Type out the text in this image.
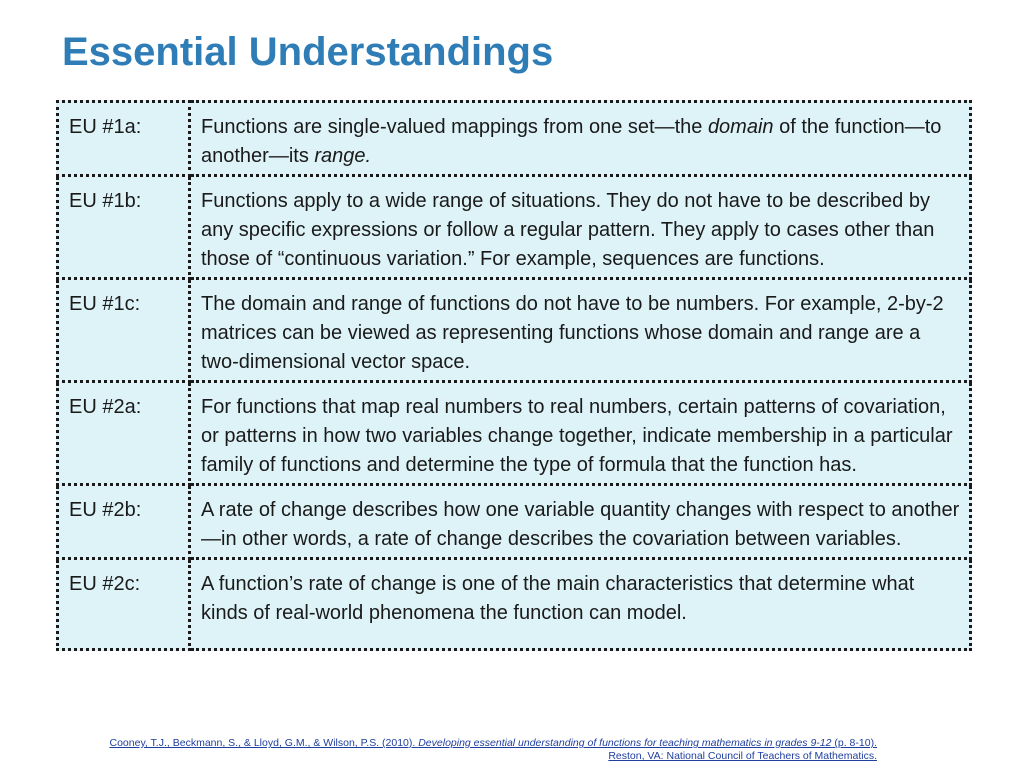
Essential Understandings
EU #1a:	Functions are single-valued mappings from one set—the domain of the function—to another—its range.
EU #1b:	Functions apply to a wide range of situations. They do not have to be described by any specific expressions or follow a regular pattern. They apply to cases other than those of “continuous variation.” For example, sequences are functions.
EU #1c:	The domain and range of functions do not have to be numbers. For example, 2-by-2 matrices can be viewed as representing functions whose domain and range are a two-dimensional vector space.
EU #2a:	For functions that map real numbers to real numbers, certain patterns of covariation, or patterns in how two variables change together, indicate membership in a particular family of functions and determine the type of formula that the function has.
EU #2b:	A rate of change describes how one variable quantity changes with respect to another—in other words, a rate of change describes the covariation between variables.
EU #2c:	A function’s rate of change is one of the main characteristics that determine what kinds of real-world phenomena the function can model.
Cooney, T.J., Beckmann, S., & Lloyd, G.M., & Wilson, P.S. (2010). Developing essential understanding of functions for teaching mathematics in grades 9-12 (p. 8-10).
Reston, VA: National Council of Teachers of Mathematics.
